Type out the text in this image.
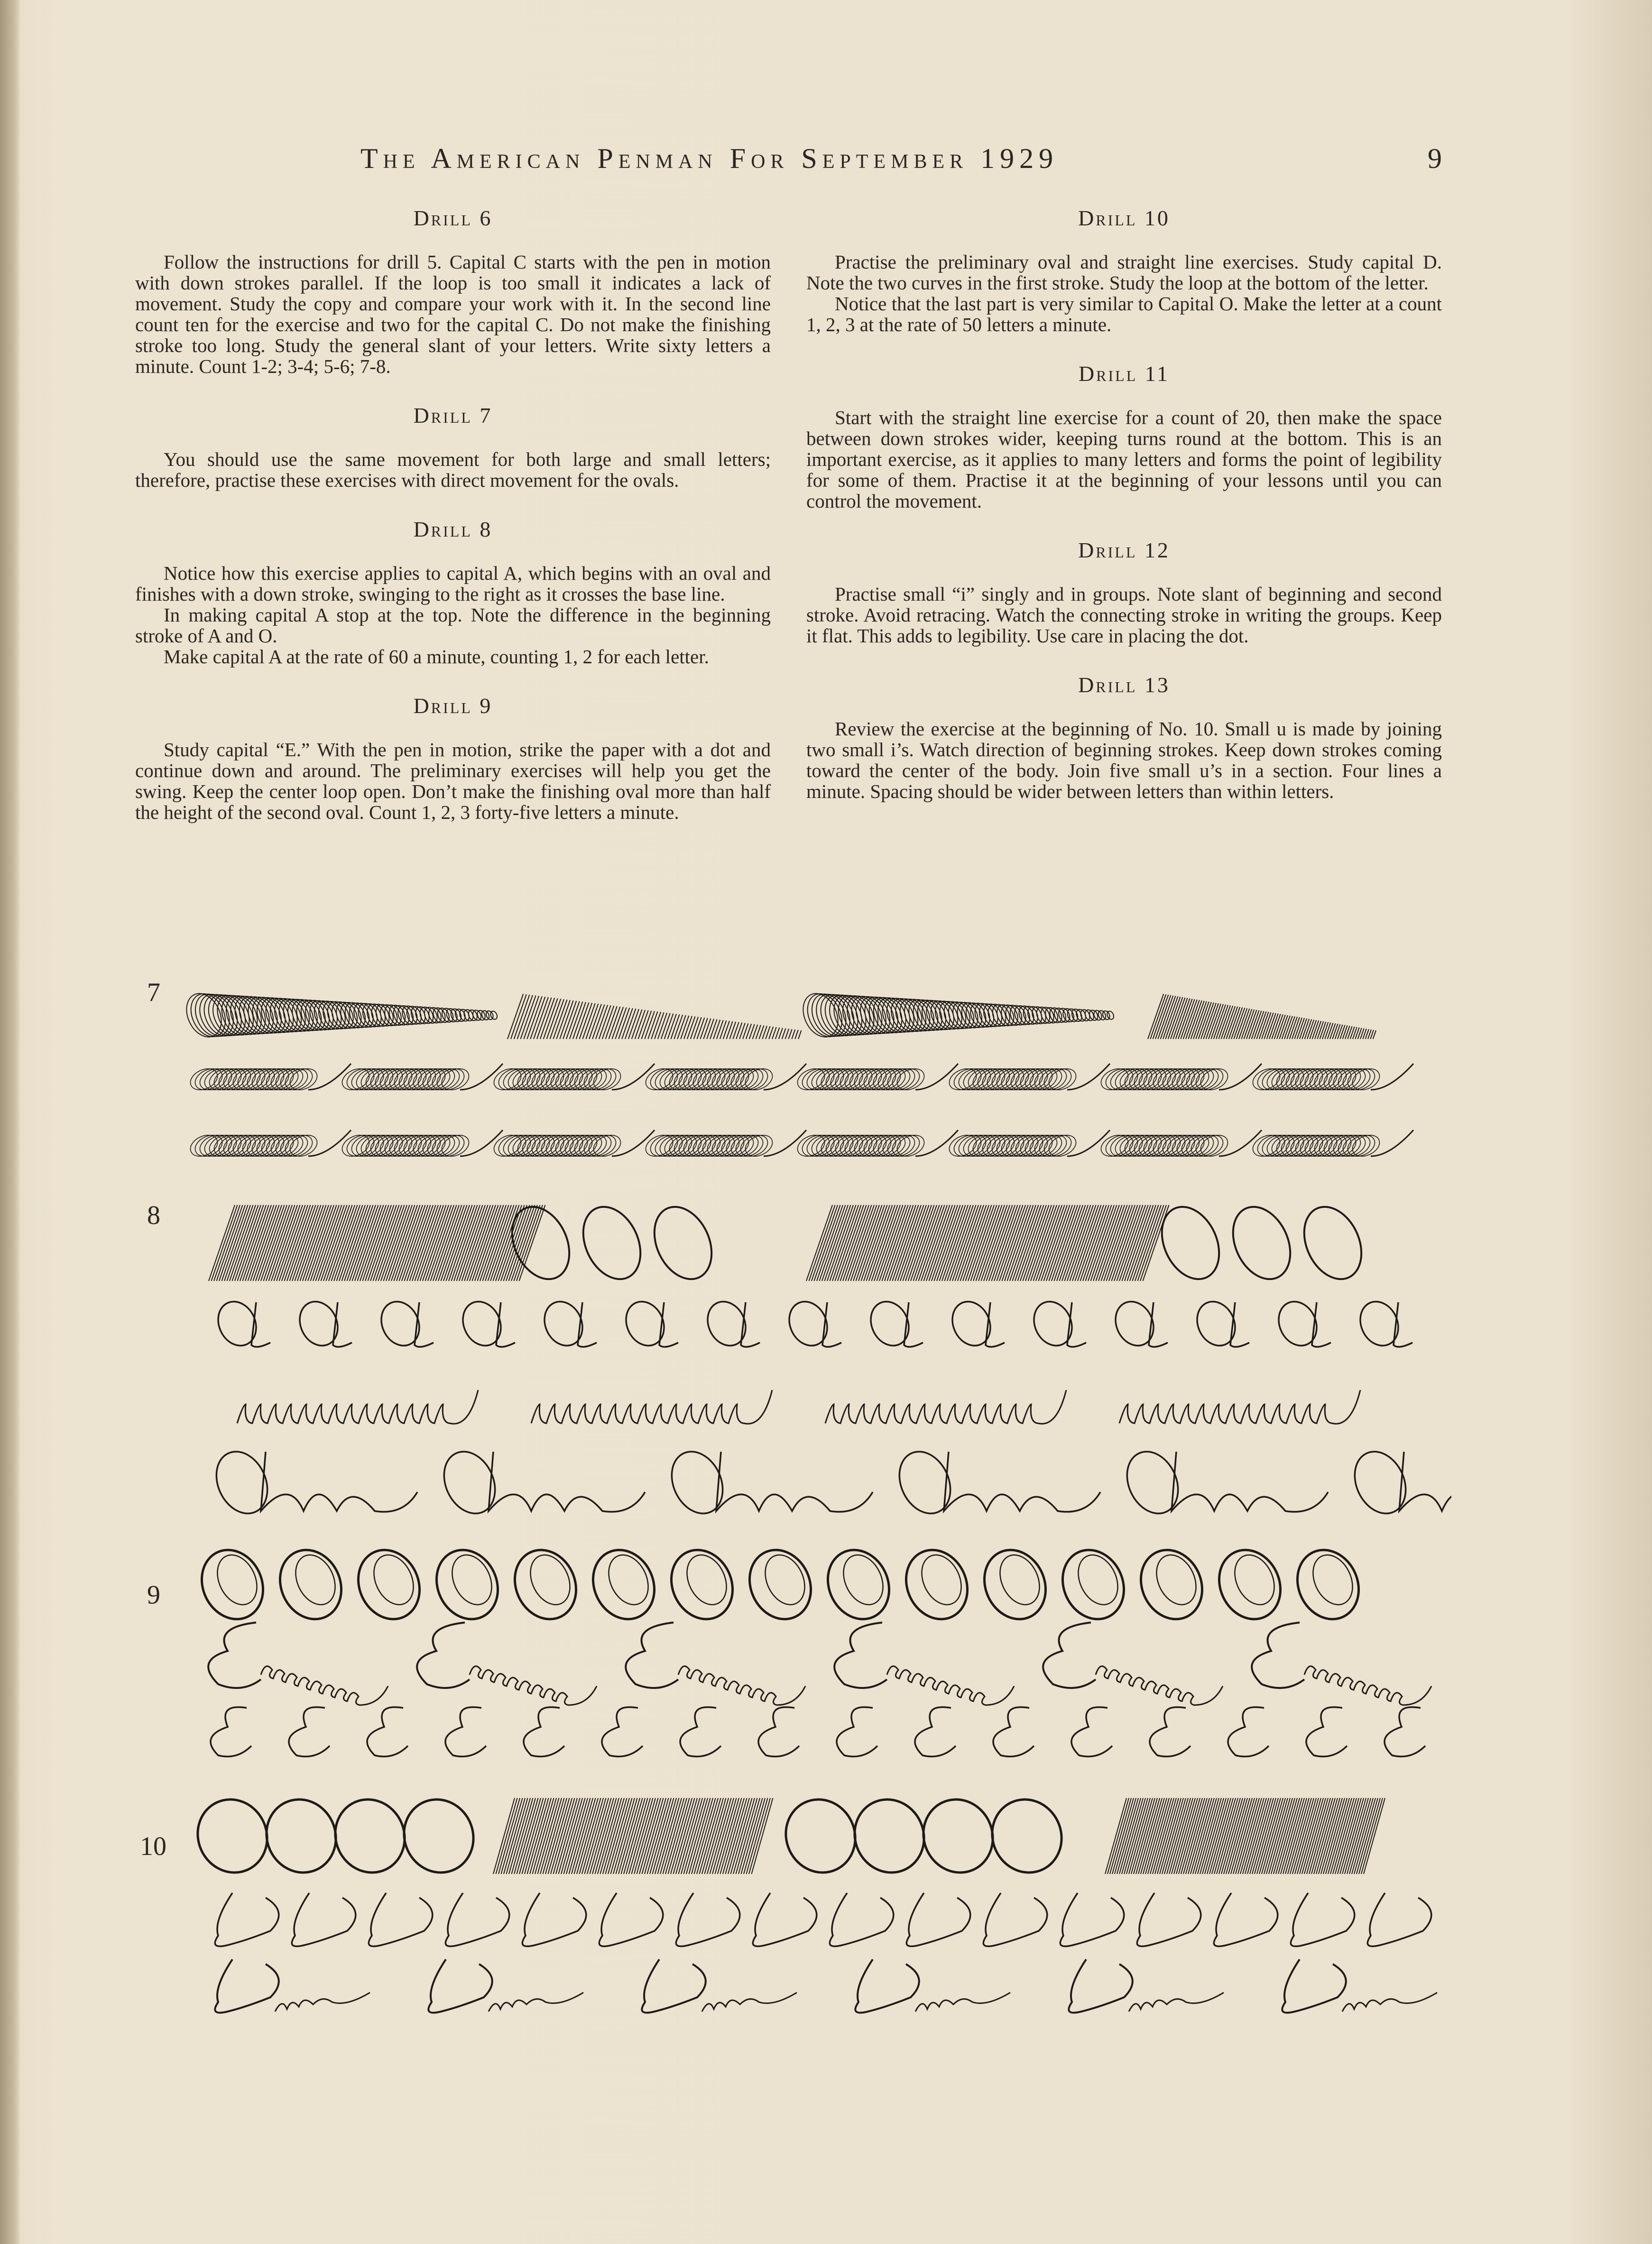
The American Penman For September 1929	9
Drill 6

Follow the instructions for drill 5. Capital C starts with the pen in motion with down strokes parallel. If the loop is too small it indicates a lack of movement. Study the copy and compare your work with it. In the second line count ten for the exercise and two for the capital C. Do not make the finishing stroke too long. Study the general slant of your letters. Write sixty letters a minute. Count 1-2; 3-4; 5-6; 7-8.

Drill 7

You should use the same movement for both large and small letters; therefore, practise these exercises with direct movement for the ovals.

Drill 8

Notice how this exercise applies to capital A, which begins with an oval and finishes with a down stroke, swinging to the right as it crosses the base line.

In making capital A stop at the top. Note the difference in the beginning stroke of A and O.

Make capital A at the rate of 60 a minute, counting 1, 2 for each letter.

Drill 9

Study capital “E.” With the pen in motion, strike the paper with a dot and continue down and around. The preliminary exercises will help you get the swing. Keep the center loop open. Don’t make the finishing oval more than half the height of the second oval. Count 1, 2, 3 forty-five letters a minute.

Drill 10

Practise the preliminary oval and straight line exercises. Study capital D. Note the two curves in the first stroke. Study the loop at the bottom of the letter.

Notice that the last part is very similar to Capital O. Make the letter at a count 1, 2, 3 at the rate of 50 letters a minute.

Drill 11

Start with the straight line exercise for a count of 20, then make the space between down strokes wider, keeping turns round at the bottom. This is an important exercise, as it applies to many letters and forms the point of legibility for some of them. Practise it at the beginning of your lessons until you can control the movement.

Drill 12

Practise small “i” singly and in groups. Note slant of beginning and second stroke. Avoid retracing. Watch the connecting stroke in writing the groups. Keep it flat. This adds to legibility. Use care in placing the dot.

Drill 13

Review the exercise at the beginning of No. 10. Small u is made by joining two small i’s. Watch direction of beginning strokes. Keep down strokes coming toward the center of the body. Join five small u’s in a section. Four lines a minute. Spacing should be wider between letters than within letters.

7
8
9
10
